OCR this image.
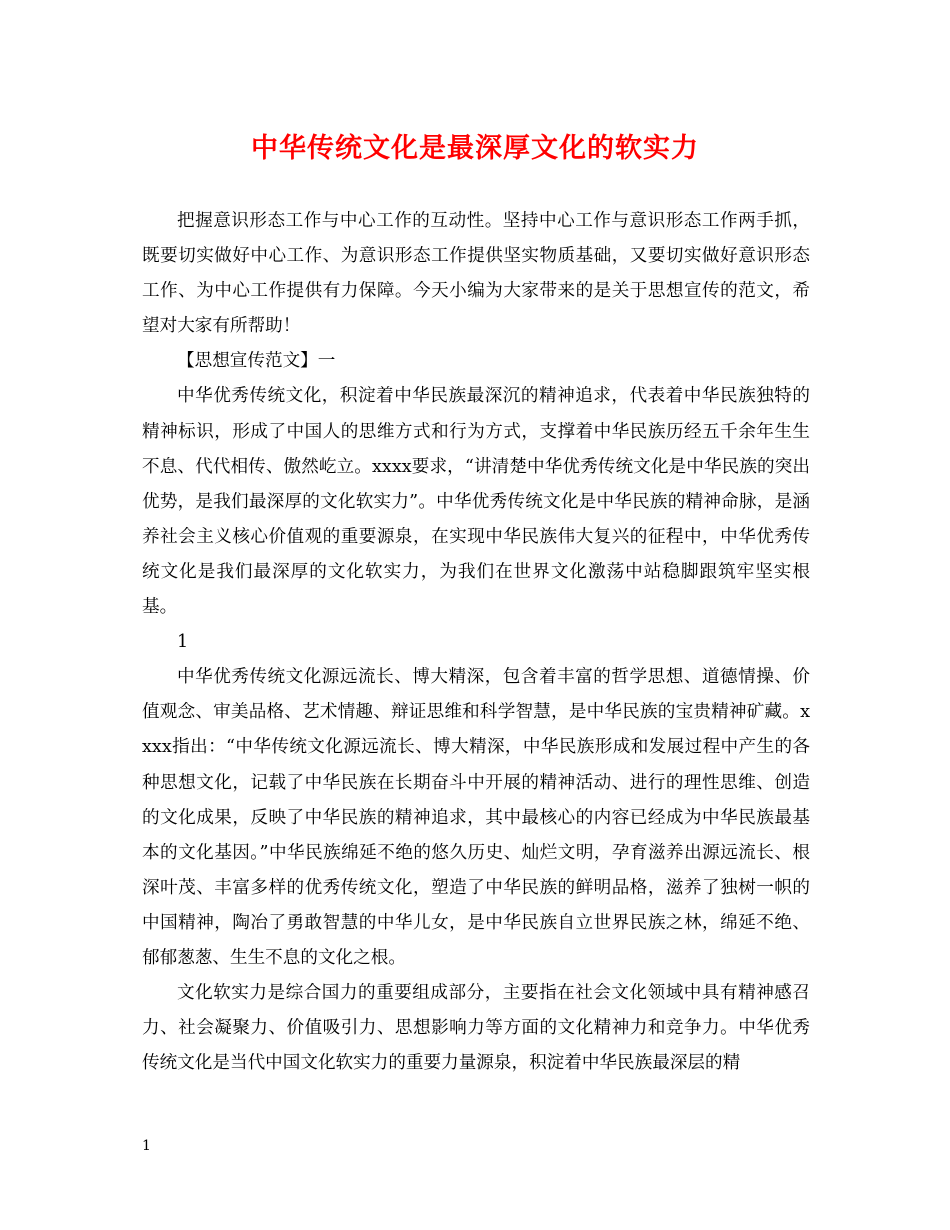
中华传统文化是最深厚文化的软实力

把握意识形态工作与中心工作的互动性。坚持中心工作与意识形态工作两手抓，既要切实做好中心工作、为意识形态工作提供坚实物质基础，又要切实做好意识形态工作、为中心工作提供有力保障。今天小编为大家带来的是关于思想宣传的范文，希望对大家有所帮助！

【思想宣传范文】一

中华优秀传统文化，积淀着中华民族最深沉的精神追求，代表着中华民族独特的精神标识，形成了中国人的思维方式和行为方式，支撑着中华民族历经五千余年生生不息、代代相传、傲然屹立。xxxx要求，“讲清楚中华优秀传统文化是中华民族的突出优势，是我们最深厚的文化软实力”。中华优秀传统文化是中华民族的精神命脉，是涵养社会主义核心价值观的重要源泉，在实现中华民族伟大复兴的征程中，中华优秀传统文化是我们最深厚的文化软实力，为我们在世界文化激荡中站稳脚跟筑牢坚实根基。

1

中华优秀传统文化源远流长、博大精深，包含着丰富的哲学思想、道德情操、价值观念、审美品格、艺术情趣、辩证思维和科学智慧，是中华民族的宝贵精神矿藏。xxxx指出：“中华传统文化源远流长、博大精深，中华民族形成和发展过程中产生的各种思想文化，记载了中华民族在长期奋斗中开展的精神活动、进行的理性思维、创造的文化成果，反映了中华民族的精神追求，其中最核心的内容已经成为中华民族最基本的文化基因。”中华民族绵延不绝的悠久历史、灿烂文明，孕育滋养出源远流长、根深叶茂、丰富多样的优秀传统文化，塑造了中华民族的鲜明品格，滋养了独树一帜的中国精神，陶冶了勇敢智慧的中华儿女，是中华民族自立世界民族之林，绵延不绝、郁郁葱葱、生生不息的文化之根。

文化软实力是综合国力的重要组成部分，主要指在社会文化领域中具有精神感召力、社会凝聚力、价值吸引力、思想影响力等方面的文化精神力和竞争力。中华优秀传统文化是当代中国文化软实力的重要力量源泉，积淀着中华民族最深层的精

1
